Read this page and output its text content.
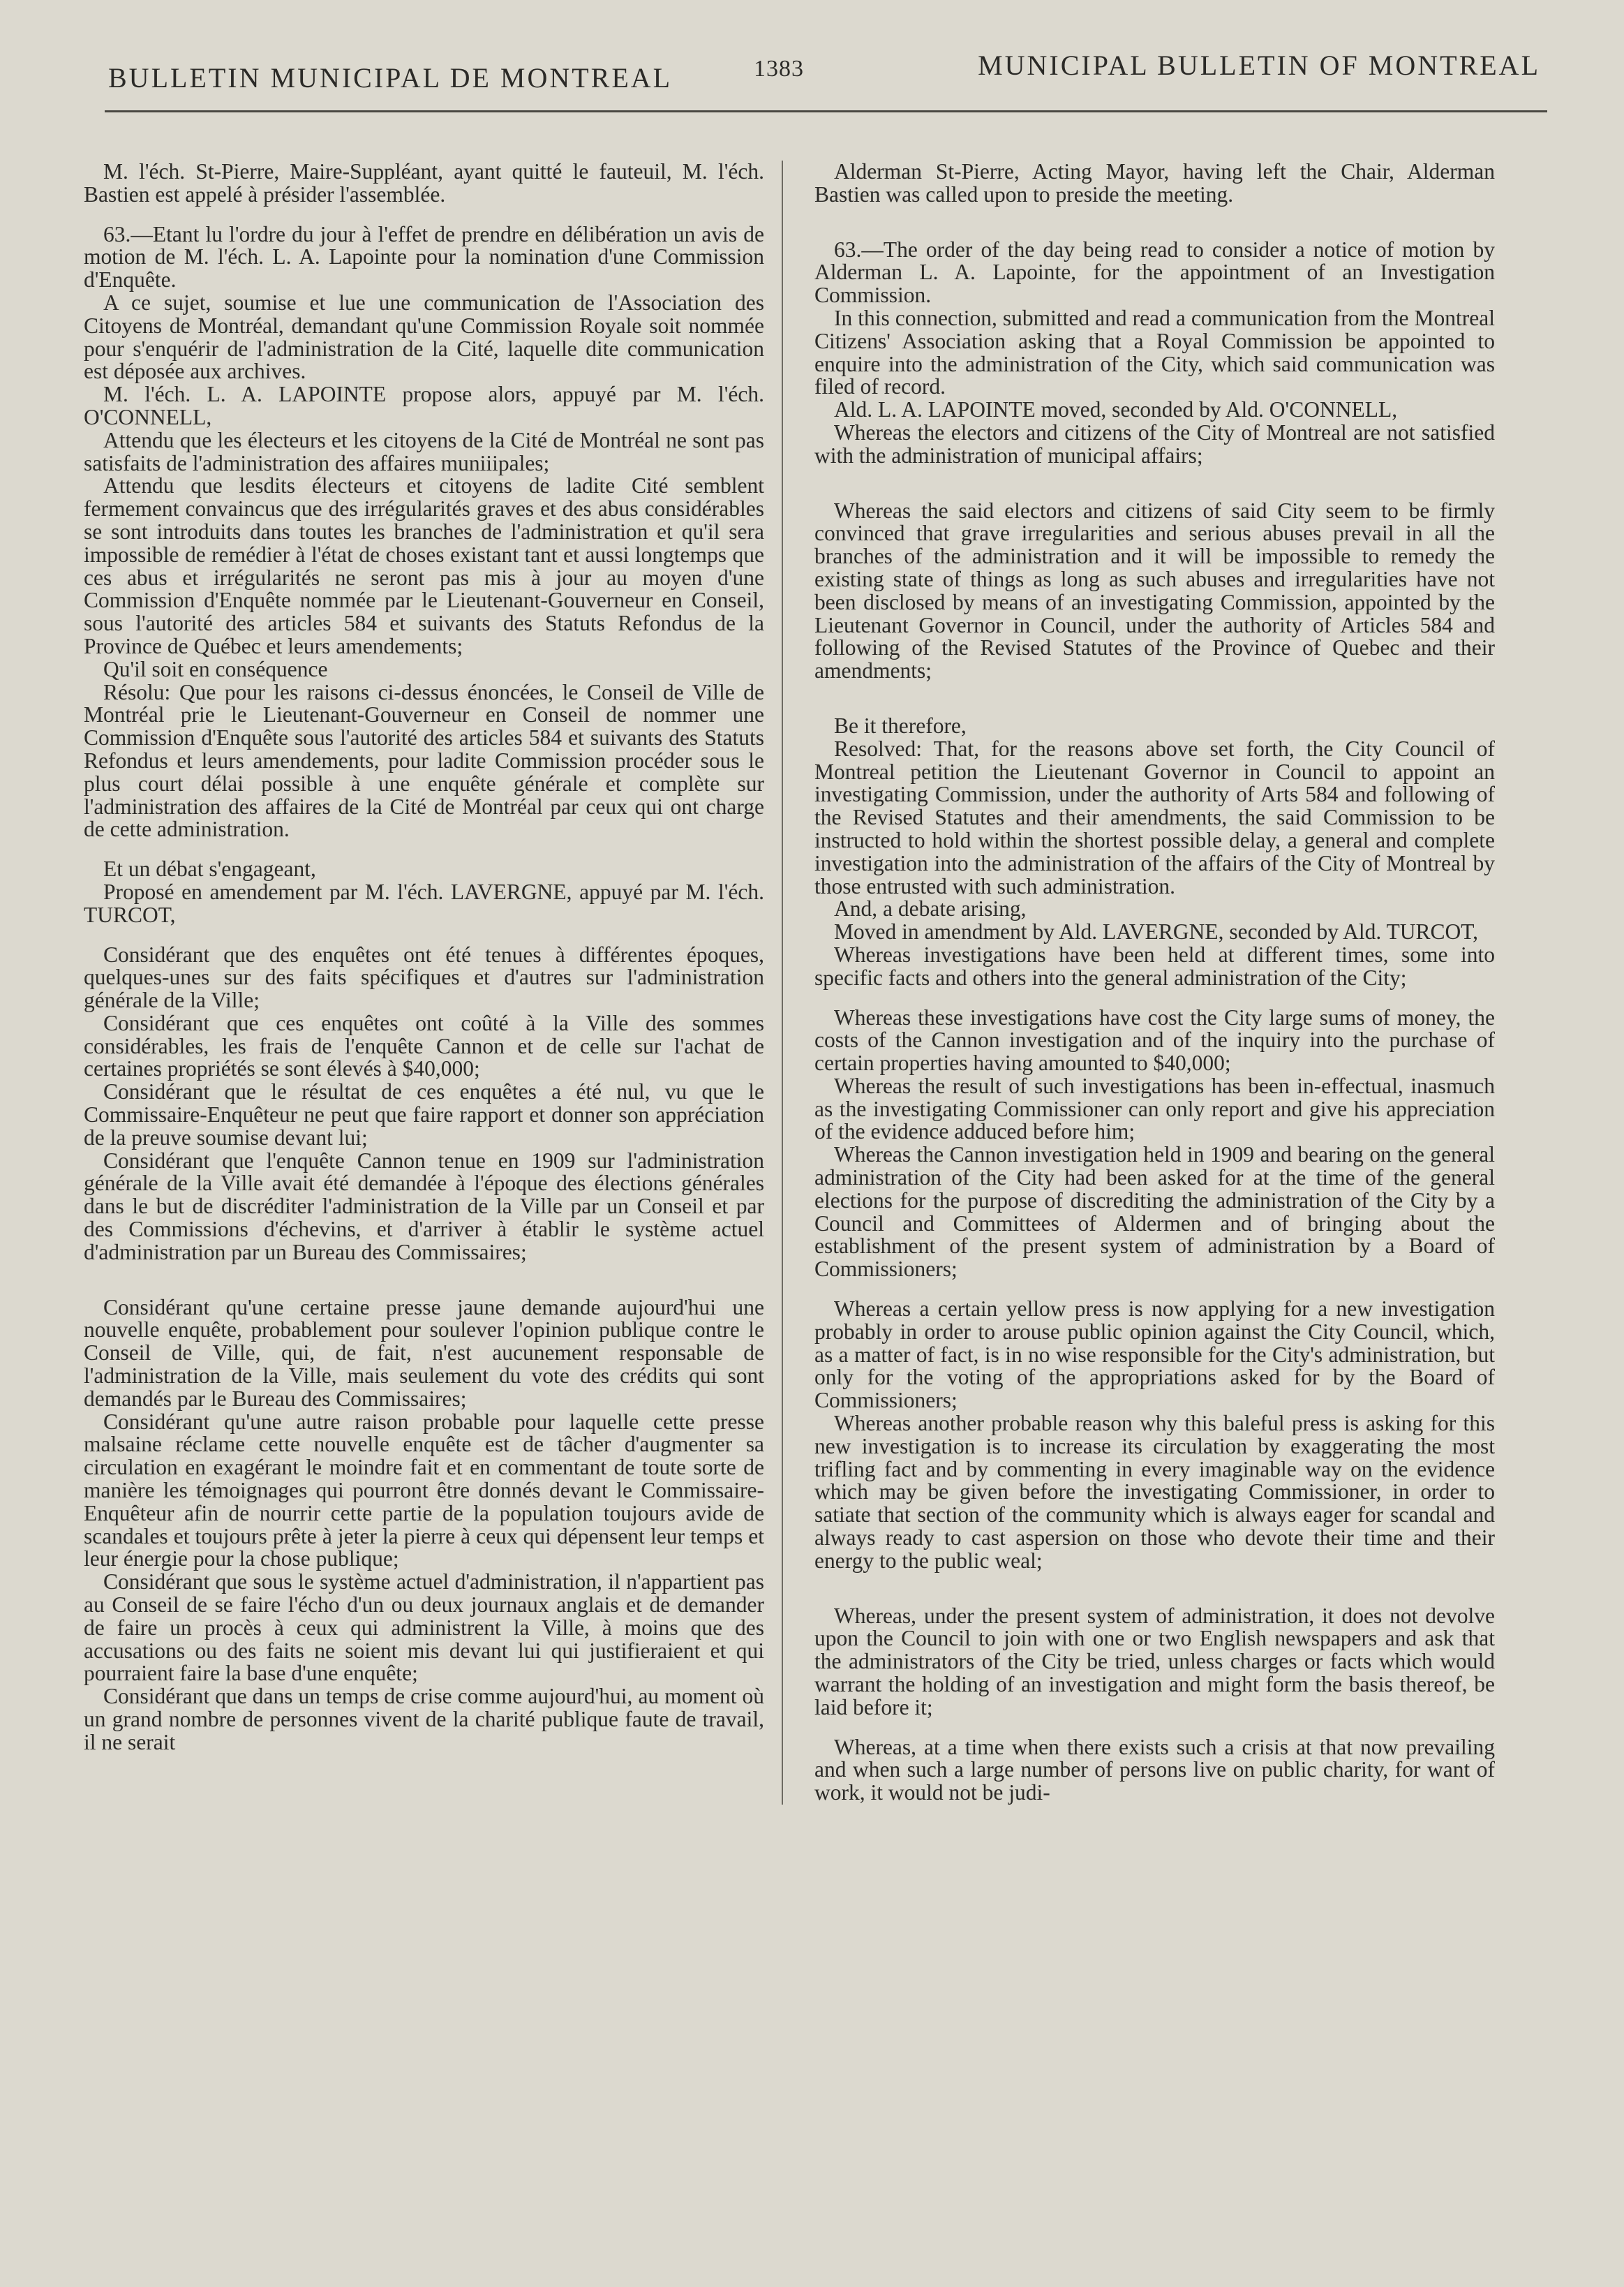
BULLETIN MUNICIPAL DE MONTREAL	1383	MUNICIPAL BULLETIN OF MONTREAL

M. l'éch. St-Pierre, Maire-Suppléant, ayant quitté le fauteuil, M. l'éch. Bastien est appelé à présider l'assemblée.

63.—Etant lu l'ordre du jour à l'effet de prendre en délibération un avis de motion de M. l'éch. L. A. Lapointe pour la nomination d'une Commission d'Enquête.

A ce sujet, soumise et lue une communication de l'Association des Citoyens de Montréal, demandant qu'une Commission Royale soit nommée pour s'enquérir de l'administration de la Cité, laquelle dite communication est déposée aux archives.

M. l'éch. L. A. LAPOINTE propose alors, appuyé par M. l'éch. O'CONNELL,

Attendu que les électeurs et les citoyens de la Cité de Montréal ne sont pas satisfaits de l'administration des affaires muniiipales;

Attendu que lesdits électeurs et citoyens de ladite Cité semblent fermement convaincus que des irrégularités graves et des abus considérables se sont introduits dans toutes les branches de l'administration et qu'il sera impossible de remédier à l'état de choses existant tant et aussi longtemps que ces abus et irrégularités ne seront pas mis à jour au moyen d'une Commission d'Enquête nommée par le Lieutenant-Gouverneur en Conseil, sous l'autorité des articles 584 et suivants des Statuts Refondus de la Province de Québec et leurs amendements;

Qu'il soit en conséquence

Résolu: Que pour les raisons ci-dessus énoncées, le Conseil de Ville de Montréal prie le Lieutenant-Gouverneur en Conseil de nommer une Commission d'Enquête sous l'autorité des articles 584 et suivants des Statuts Refondus et leurs amendements, pour ladite Commission procéder sous le plus court délai possible à une enquête générale et complète sur l'administration des affaires de la Cité de Montréal par ceux qui ont charge de cette administration.

Et un débat s'engageant,

Proposé en amendement par M. l'éch. LAVERGNE, appuyé par M. l'éch. TURCOT,

Considérant que des enquêtes ont été tenues à différentes époques, quelques-unes sur des faits spécifiques et d'autres sur l'administration générale de la Ville;

Considérant que ces enquêtes ont coûté à la Ville des sommes considérables, les frais de l'enquête Cannon et de celle sur l'achat de certaines propriétés se sont élevés à $40,000;

Considérant que le résultat de ces enquêtes a été nul, vu que le Commissaire-Enquêteur ne peut que faire rapport et donner son appréciation de la preuve soumise devant lui;

Considérant que l'enquête Cannon tenue en 1909 sur l'administration générale de la Ville avait été demandée à l'époque des élections générales dans le but de discréditer l'administration de la Ville par un Conseil et par des Commissions d'échevins, et d'arriver à établir le système actuel d'administration par un Bureau des Commissaires;

Considérant qu'une certaine presse jaune demande aujourd'hui une nouvelle enquête, probablement pour soulever l'opinion publique contre le Conseil de Ville, qui, de fait, n'est aucunement responsable de l'administration de la Ville, mais seulement du vote des crédits qui sont demandés par le Bureau des Commissaires;

Considérant qu'une autre raison probable pour laquelle cette presse malsaine réclame cette nouvelle enquête est de tâcher d'augmenter sa circulation en exagérant le moindre fait et en commentant de toute sorte de manière les témoignages qui pourront être donnés devant le Commissaire-Enquêteur afin de nourrir cette partie de la population toujours avide de scandales et toujours prête à jeter la pierre à ceux qui dépensent leur temps et leur énergie pour la chose publique;

Considérant que sous le système actuel d'administration, il n'appartient pas au Conseil de se faire l'écho d'un ou deux journaux anglais et de demander de faire un procès à ceux qui administrent la Ville, à moins que des accusations ou des faits ne soient mis devant lui qui justifieraient et qui pourraient faire la base d'une enquête;

Considérant que dans un temps de crise comme aujourd'hui, au moment où un grand nombre de personnes vivent de la charité publique faute de travail, il ne serait

Alderman St-Pierre, Acting Mayor, having left the Chair, Alderman Bastien was called upon to preside the meeting.

63.—The order of the day being read to consider a notice of motion by Alderman L. A. Lapointe, for the appointment of an Investigation Commission.

In this connection, submitted and read a communication from the Montreal Citizens' Association asking that a Royal Commission be appointed to enquire into the administration of the City, which said communication was filed of record.

Ald. L. A. LAPOINTE moved, seconded by Ald. O'CONNELL,

Whereas the electors and citizens of the City of Montreal are not satisfied with the administration of municipal affairs;

Whereas the said electors and citizens of said City seem to be firmly convinced that grave irregularities and serious abuses prevail in all the branches of the administration and it will be impossible to remedy the existing state of things as long as such abuses and irregularities have not been disclosed by means of an investigating Commission, appointed by the Lieutenant Governor in Council, under the authority of Articles 584 and following of the Revised Statutes of the Province of Quebec and their amendments;

Be it therefore,

Resolved: That, for the reasons above set forth, the City Council of Montreal petition the Lieutenant Governor in Council to appoint an investigating Commission, under the authority of Arts 584 and following of the Revised Statutes and their amendments, the said Commission to be instructed to hold within the shortest possible delay, a general and complete investigation into the administration of the affairs of the City of Montreal by those entrusted with such administration.

And, a debate arising,

Moved in amendment by Ald. LAVERGNE, seconded by Ald. TURCOT,

Whereas investigations have been held at different times, some into specific facts and others into the general administration of the City;

Whereas these investigations have cost the City large sums of money, the costs of the Cannon investigation and of the inquiry into the purchase of certain properties having amounted to $40,000;

Whereas the result of such investigations has been in-effectual, inasmuch as the investigating Commissioner can only report and give his appreciation of the evidence adduced before him;

Whereas the Cannon investigation held in 1909 and bearing on the general administration of the City had been asked for at the time of the general elections for the purpose of discrediting the administration of the City by a Council and Committees of Aldermen and of bringing about the establishment of the present system of administration by a Board of Commissioners;

Whereas a certain yellow press is now applying for a new investigation probably in order to arouse public opinion against the City Council, which, as a matter of fact, is in no wise responsible for the City's administration, but only for the voting of the appropriations asked for by the Board of Commissioners;

Whereas another probable reason why this baleful press is asking for this new investigation is to increase its circulation by exaggerating the most trifling fact and by commenting in every imaginable way on the evidence which may be given before the investigating Commissioner, in order to satiate that section of the community which is always eager for scandal and always ready to cast aspersion on those who devote their time and their energy to the public weal;

Whereas, under the present system of administration, it does not devolve upon the Council to join with one or two English newspapers and ask that the administrators of the City be tried, unless charges or facts which would warrant the holding of an investigation and might form the basis thereof, be laid before it;

Whereas, at a time when there exists such a crisis at that now prevailing and when such a large number of persons live on public charity, for want of work, it would not be judi-
